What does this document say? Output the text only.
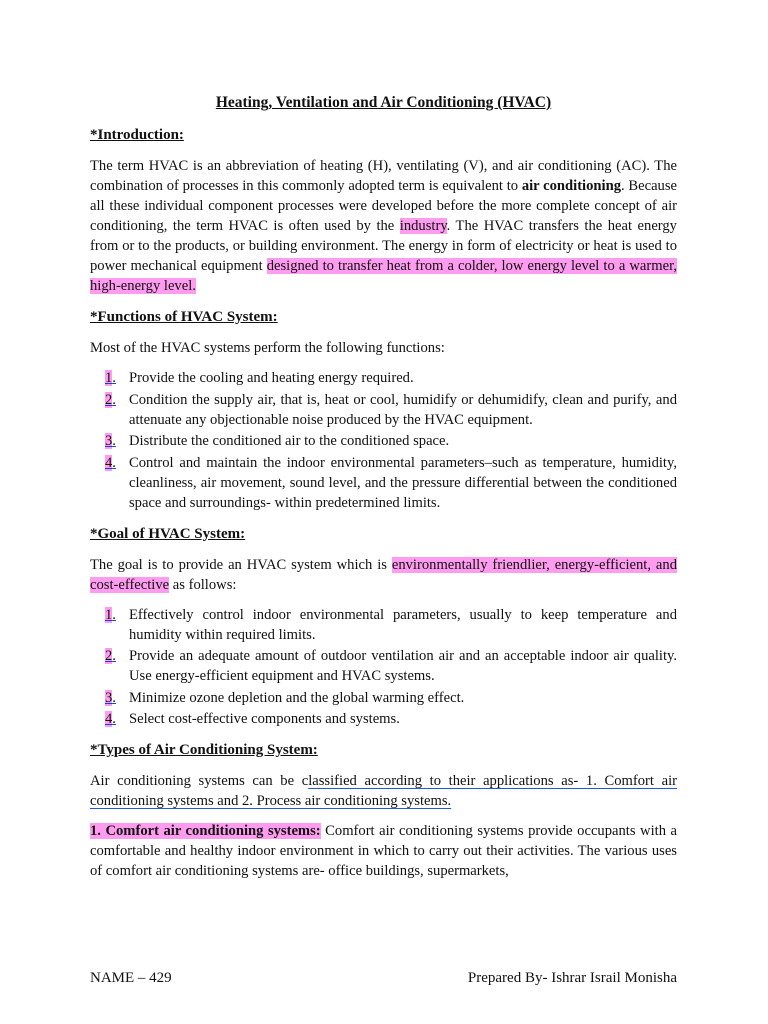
Heating, Ventilation and Air Conditioning (HVAC)
*Introduction:

The term HVAC is an abbreviation of heating (H), ventilating (V), and air conditioning (AC). The combination of processes in this commonly adopted term is equivalent to air conditioning. Because all these individual component processes were developed before the more complete concept of air conditioning, the term HVAC is often used by the industry. The HVAC transfers the heat energy from or to the products, or building environment. The energy in form of electricity or heat is used to power mechanical equipment designed to transfer heat from a colder, low energy level to a warmer, high-energy level.

*Functions of HVAC System:

Most of the HVAC systems perform the following functions:

1. Provide the cooling and heating energy required.
2. Condition the supply air, that is, heat or cool, humidify or dehumidify, clean and purify, and attenuate any objectionable noise produced by the HVAC equipment.
3. Distribute the conditioned air to the conditioned space.
4. Control and maintain the indoor environmental parameters–such as temperature, humidity, cleanliness, air movement, sound level, and the pressure differential between the conditioned space and surroundings- within predetermined limits.
*Goal of HVAC System:

The goal is to provide an HVAC system which is environmentally friendlier, energy-efficient, and cost-effective as follows:

1. Effectively control indoor environmental parameters, usually to keep temperature and humidity within required limits.
2. Provide an adequate amount of outdoor ventilation air and an acceptable indoor air quality. Use energy-efficient equipment and HVAC systems.
3. Minimize ozone depletion and the global warming effect.
4. Select cost-effective components and systems.
*Types of Air Conditioning System:

Air conditioning systems can be classified according to their applications as- 1. Comfort air conditioning systems and 2. Process air conditioning systems.

1. Comfort air conditioning systems: Comfort air conditioning systems provide occupants with a comfortable and healthy indoor environment in which to carry out their activities. The various uses of comfort air conditioning systems are- office buildings, supermarkets,

NAME – 429	Prepared By- Ishrar Israil Monisha
